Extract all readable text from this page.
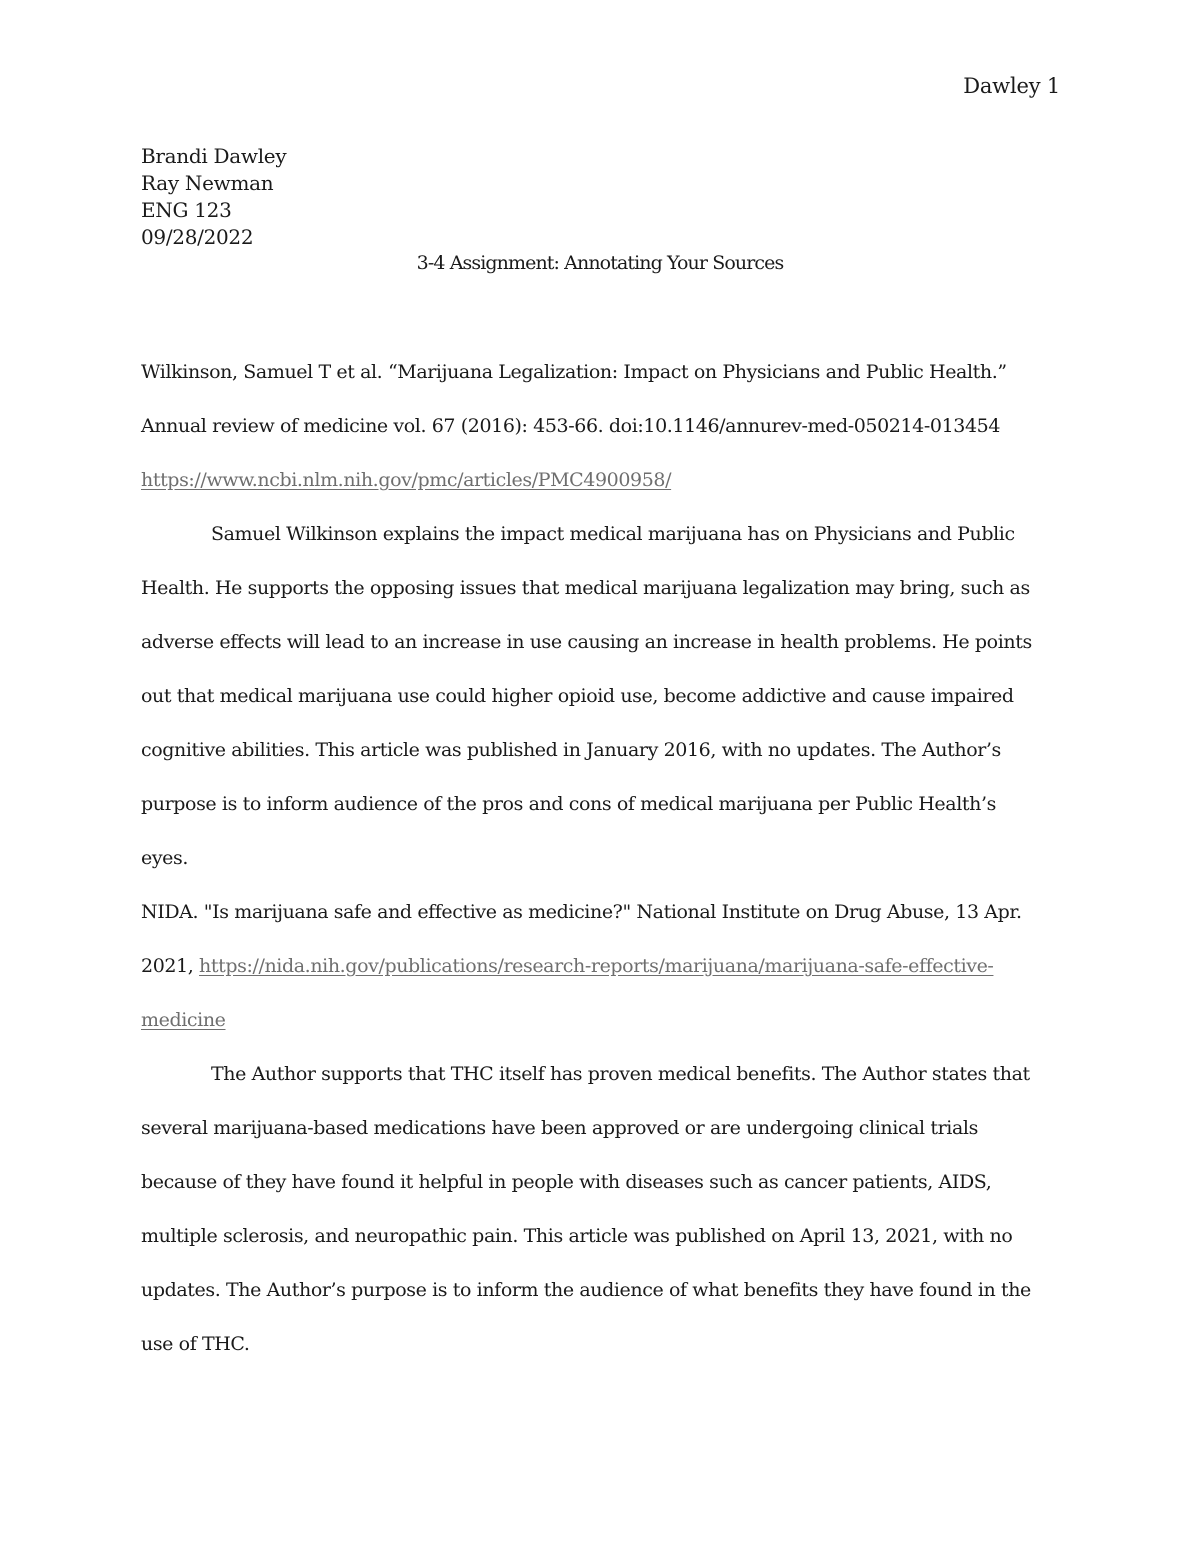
Dawley 1
Brandi Dawley
Ray Newman
ENG 123
09/28/2022
3-4 Assignment: Annotating Your Sources
Wilkinson, Samuel T et al. “Marijuana Legalization: Impact on Physicians and Public Health.”
Annual review of medicine vol. 67 (2016): 453-66. doi:10.1146/annurev-med-050214-013454
https://www.ncbi.nlm.nih.gov/pmc/articles/PMC4900958/
Samuel Wilkinson explains the impact medical marijuana has on Physicians and Public
Health. He supports the opposing issues that medical marijuana legalization may bring, such as
adverse effects will lead to an increase in use causing an increase in health problems. He points
out that medical marijuana use could higher opioid use, become addictive and cause impaired
cognitive abilities. This article was published in January 2016, with no updates. The Author’s
purpose is to inform audience of the pros and cons of medical marijuana per Public Health’s
eyes.
NIDA. "Is marijuana safe and effective as medicine?" National Institute on Drug Abuse, 13 Apr.
2021, https://nida.nih.gov/publications/research-reports/marijuana/marijuana-safe-effective-
medicine
The Author supports that THC itself has proven medical benefits. The Author states that
several marijuana-based medications have been approved or are undergoing clinical trials
because of they have found it helpful in people with diseases such as cancer patients, AIDS,
multiple sclerosis, and neuropathic pain. This article was published on April 13, 2021, with no
updates. The Author’s purpose is to inform the audience of what benefits they have found in the
use of THC.
